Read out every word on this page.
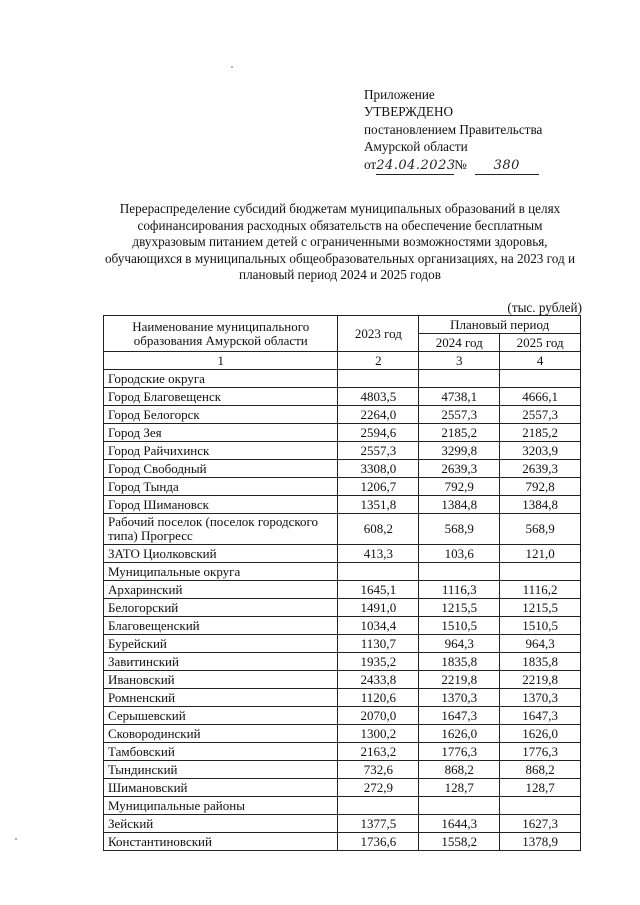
Приложение
УТВЕРЖДЕНО
постановлением Правительства
Амурской области
от24.04.2023№ 380
Перераспределение субсидий бюджетам муниципальных образований в целях софинансирования расходных обязательств на обеспечение бесплатным двухразовым питанием детей с ограниченными возможностями здоровья, обучающихся в муниципальных общеобразовательных организациях, на 2023 год и плановый период 2024 и 2025 годов
(тыс. рублей)
Наименование муниципального образования Амурской области	2023 год	Плановый период	
		2024 год	2025 год
1	2	3	4
Городские округа			
Город Благовещенск	4803,5	4738,1	4666,1
Город Белогорск	2264,0	2557,3	2557,3
Город Зея	2594,6	2185,2	2185,2
Город Райчихинск	2557,3	3299,8	3203,9
Город Свободный	3308,0	2639,3	2639,3
Город Тында	1206,7	792,9	792,8
Город Шимановск	1351,8	1384,8	1384,8
Рабочий поселок (поселок городского типа) Прогресс	608,2	568,9	568,9
ЗАТО Циолковский	413,3	103,6	121,0
Муниципальные округа			
Архаринский	1645,1	1116,3	1116,2
Белогорский	1491,0	1215,5	1215,5
Благовещенский	1034,4	1510,5	1510,5
Бурейский	1130,7	964,3	964,3
Завитинский	1935,2	1835,8	1835,8
Ивановский	2433,8	2219,8	2219,8
Ромненский	1120,6	1370,3	1370,3
Серышевский	2070,0	1647,3	1647,3
Сковородинский	1300,2	1626,0	1626,0
Тамбовский	2163,2	1776,3	1776,3
Тындинский	732,6	868,2	868,2
Шимановский	272,9	128,7	128,7
Муниципальные районы			
Зейский	1377,5	1644,3	1627,3
Константиновский	1736,6	1558,2	1378,9
